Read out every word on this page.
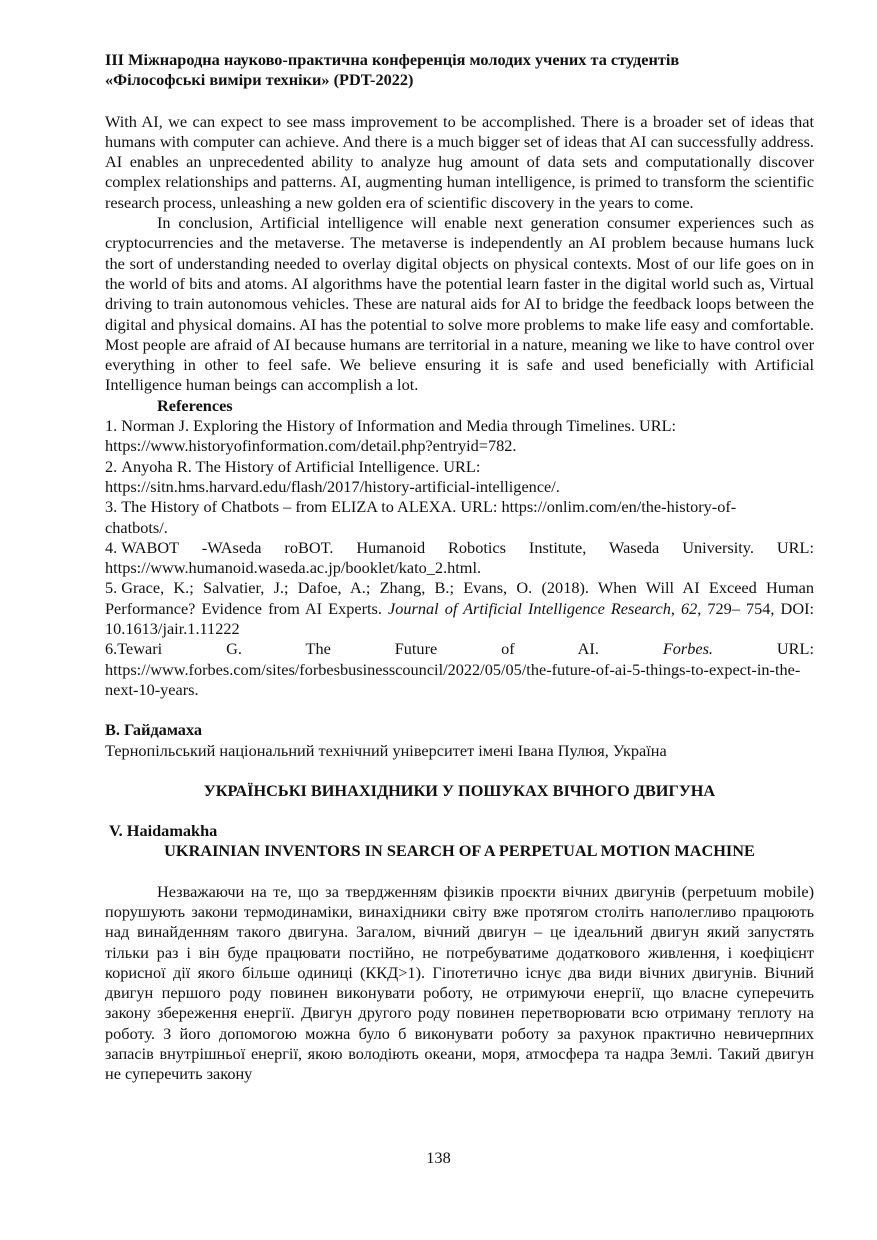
III Міжнародна науково-практична конференція молодих учених та студентів
«Філософські виміри техніки» (PDT-2022)

With AI, we can expect to see mass improvement to be accomplished. There is a broader set of ideas that humans with computer can achieve. And there is a much bigger set of ideas that AI can successfully address. AI enables an unprecedented ability to analyze hug amount of data sets and computationally discover complex relationships and patterns. AI, augmenting human intelligence, is primed to transform the scientific research process, unleashing a new golden era of scientific discovery in the years to come.

In conclusion, Artificial intelligence will enable next generation consumer experiences such as cryptocurrencies and the metaverse. The metaverse is independently an AI problem because humans luck the sort of understanding needed to overlay digital objects on physical contexts. Most of our life goes on in the world of bits and atoms. AI algorithms have the potential learn faster in the digital world such as, Virtual driving to train autonomous vehicles. These are natural aids for AI to bridge the feedback loops between the digital and physical domains. AI has the potential to solve more problems to make life easy and comfortable. Most people are afraid of AI because humans are territorial in a nature, meaning we like to have control over everything in other to feel safe. We believe ensuring it is safe and used beneficially with Artificial Intelligence human beings can accomplish a lot.

References

1. Norman J. Exploring the History of Information and Media through Timelines. URL:
https://www.historyofinformation.com/detail.php?entryid=782.

2. Anyoha R. The History of Artificial Intelligence. URL:
https://sitn.hms.harvard.edu/flash/2017/history-artificial-intelligence/.

3. The History of Chatbots – from ELIZA to ALEXA. URL: https://onlim.com/en/the-history-of-
chatbots/.

4. WABOT -WAseda roBOT. Humanoid Robotics Institute, Waseda University. URL: https://www.humanoid.waseda.ac.jp/booklet/kato_2.html.

5. Grace, K.; Salvatier, J.; Dafoe, A.; Zhang, B.; Evans, O. (2018). When Will AI Exceed Human Performance? Evidence from AI Experts. Journal of Artificial Intelligence Research, 62, 729– 754, DOI: 10.1613/jair.1.11222

6.Tewari G. The Future of AI. Forbes. URL:
https://www.forbes.com/sites/forbesbusinesscouncil/2022/05/05/the-future-of-ai-5-things-to-expect-in-the-next-10-years.

В. Гайдамаха

Тернопільський національний технічний університет імені Івана Пулюя, Україна

УКРАЇНСЬКІ ВИНАХІДНИКИ У ПОШУКАХ ВІЧНОГО ДВИГУНА

V. Haidamakha

UKRAINIAN INVENTORS IN SEARCH OF A PERPETUAL MOTION MACHINE

Незважаючи на те, що за твердженням фізиків проєкти вічних двигунів (perpetuum mobile) порушують закони термодинаміки, винахідники світу вже протягом століть наполегливо працюють над винайденням такого двигуна. Загалом, вічний двигун – це ідеальний двигун який запустять тільки раз і він буде працювати постійно, не потребуватиме додаткового живлення, і коефіцієнт корисної дії якого більше одиниці (ККД>1). Гіпотетично існує два види вічних двигунів. Вічний двигун першого роду повинен виконувати роботу, не отримуючи енергії, що власне суперечить закону збереження енергії. Двигун другого роду повинен перетворювати всю отриману теплоту на роботу. З його допомогою можна було б виконувати роботу за рахунок практично невичерпних запасів внутрішньої енергії, якою володіють океани, моря, атмосфера та надра Землі. Такий двигун не суперечить закону

138
